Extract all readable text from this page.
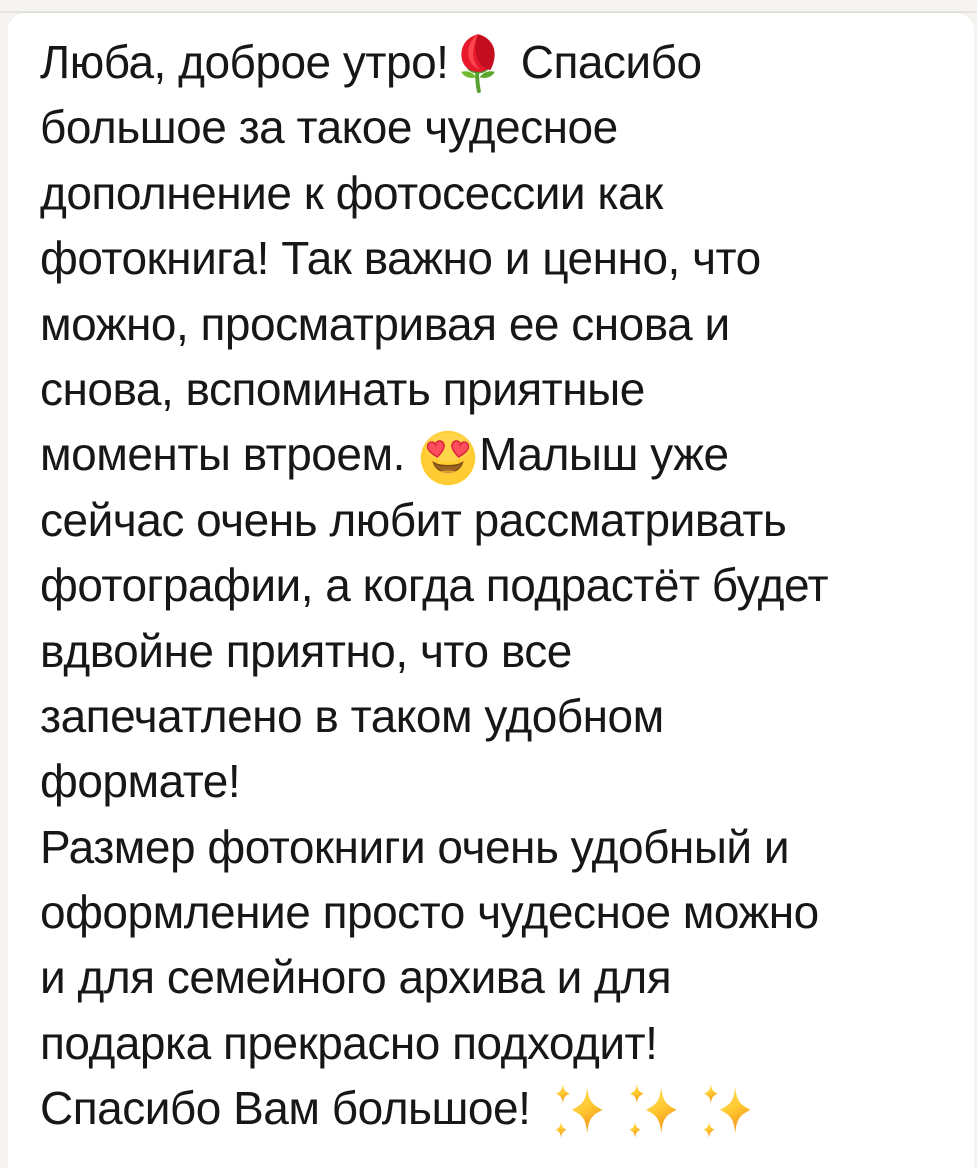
Люба, доброе утро! Спасибо
большое за такое чудесное
дополнение к фотосессии как
фотокнига! Так важно и ценно, что
можно, просматривая ее снова и
снова, вспоминать приятные
моменты втроем. Малыш уже
сейчас очень любит рассматривать
фотографии, а когда подрастёт будет
вдвойне приятно, что все
запечатлено в таком удобном
формате!
Размер фотокниги очень удобный и
оформление просто чудесное можно
и для семейного архива и для
подарка прекрасно подходит!
Спасибо Вам большое!
